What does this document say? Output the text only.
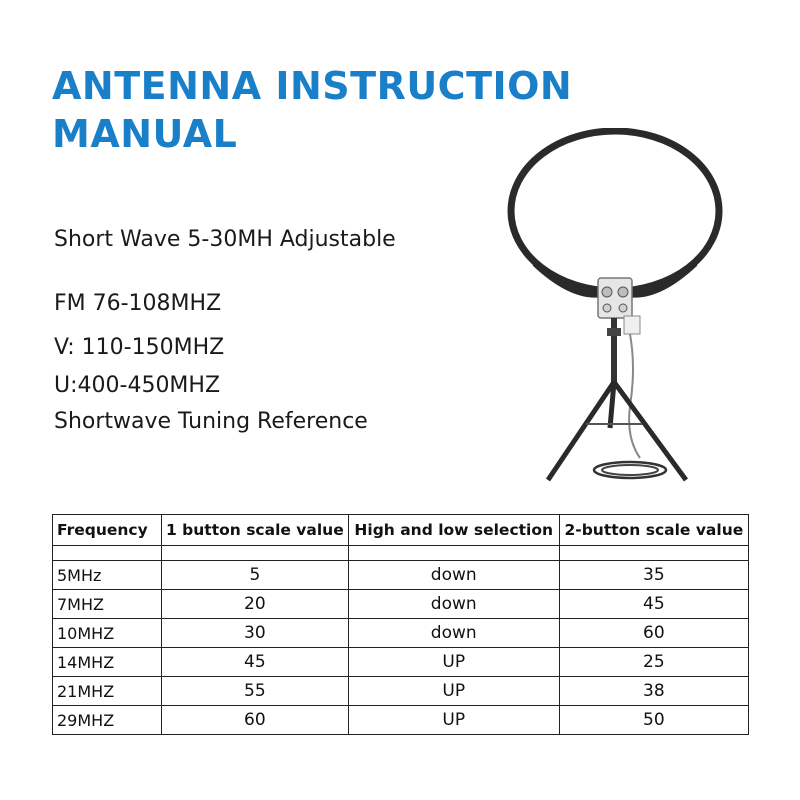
ANTENNA INSTRUCTION MANUAL
Short Wave 5-30MH Adjustable
FM 76-108MHZ
V: 110-150MHZ
U:400-450MHZ
Shortwave Tuning Reference
Frequency	1 button scale value	High and low selection	2-button scale value

5MHz	5	down	35
7MHZ	20	down	45
10MHZ	30	down	60
14MHZ	45	UP	25
21MHZ	55	UP	38
29MHZ	60	UP	50
